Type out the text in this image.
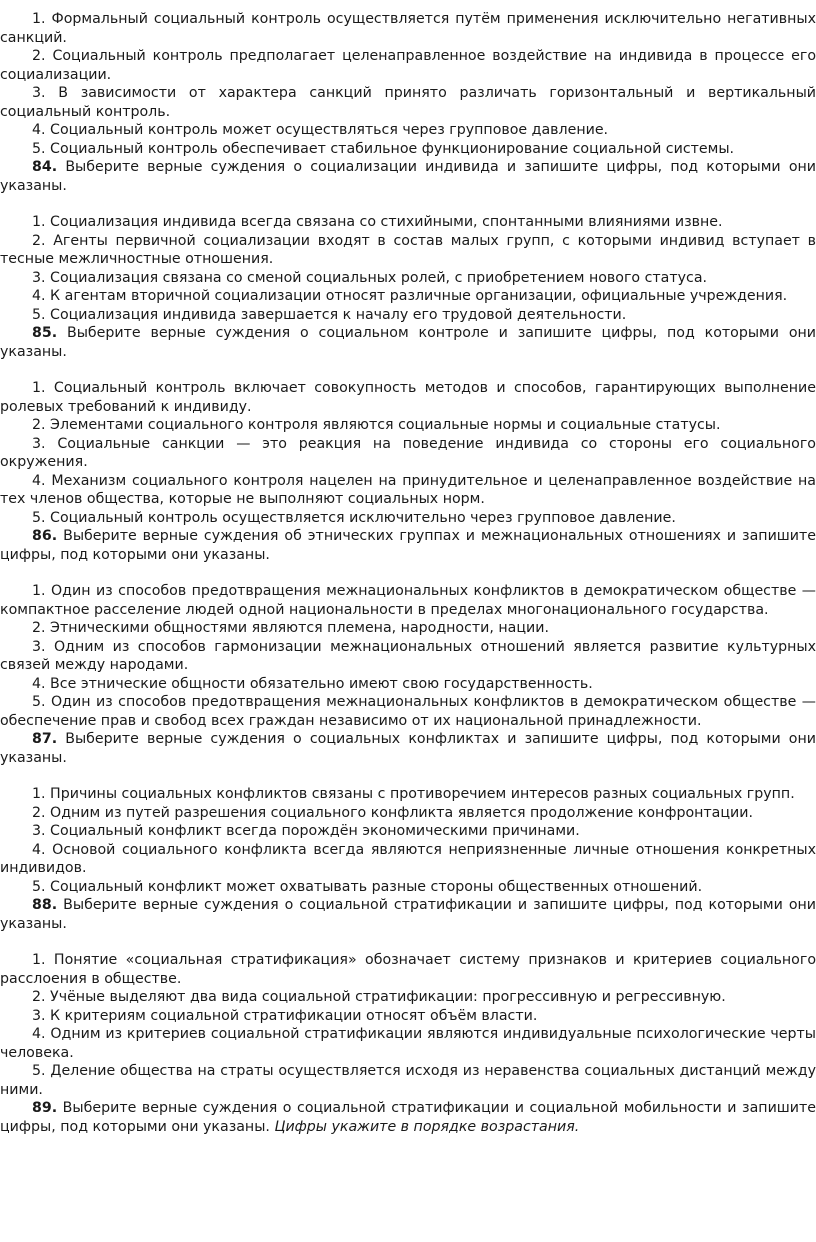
1. Формальный социальный контроль осуществляется путём применения исключительно негативных санкций.

2. Социальный контроль предполагает целенаправленное воздействие на индивида в процессе его социализации.

3. В зависимости от характера санкций принято различать горизонтальный и вертикальный социальный контроль.

4. Социальный контроль может осуществляться через групповое давление.

5. Социальный контроль обеспечивает стабильное функционирование социальной системы.

84. Выберите верные суждения о социализации индивида и запишите цифры, под которыми они указаны.

1. Социализация индивида всегда связана со стихийными, спонтанными влияниями извне.

2. Агенты первичной социализации входят в состав малых групп, с которыми индивид вступает в тесные межличностные отношения.

3. Социализация связана со сменой социальных ролей, с приобретением нового статуса.

4. К агентам вторичной социализации относят различные организации, официальные учреждения.

5. Социализация индивида завершается к началу его трудовой деятельности.

85. Выберите верные суждения о социальном контроле и запишите цифры, под которыми они указаны.

1. Социальный контроль включает совокупность методов и способов, гарантирующих выполнение ролевых требований к индивиду.

2. Элементами социального контроля являются социальные нормы и социальные статусы.

3. Социальные санкции — это реакция на поведение индивида со стороны его социального окружения.

4. Механизм социального контроля нацелен на принудительное и целенаправленное воздействие на тех членов общества, которые не выполняют социальных норм.

5. Социальный контроль осуществляется исключительно через групповое давление.

86. Выберите верные суждения об этнических группах и межнациональных отношениях и запишите цифры, под которыми они указаны.

1. Один из способов предотвращения межнациональных конфликтов в демократическом обществе — компактное расселение людей одной национальности в пределах многонационального государства.

2. Этническими общностями являются племена, народности, нации.

3. Одним из способов гармонизации межнациональных отношений является развитие культурных связей между народами.

4. Все этнические общности обязательно имеют свою государственность.

5. Один из способов предотвращения межнациональных конфликтов в демократическом обществе — обеспечение прав и свобод всех граждан независимо от их национальной принадлежности.

87. Выберите верные суждения о социальных конфликтах и запишите цифры, под которыми они указаны.

1. Причины социальных конфликтов связаны с противоречием интересов разных социальных групп.

2. Одним из путей разрешения социального конфликта является продолжение конфронтации.

3. Социальный конфликт всегда порождён экономическими причинами.

4. Основой социального конфликта всегда являются неприязненные личные отношения конкретных индивидов.

5. Социальный конфликт может охватывать разные стороны общественных отношений.

88. Выберите верные суждения о социальной стратификации и запишите цифры, под которыми они указаны.

1. Понятие «социальная стратификация» обозначает систему признаков и критериев социального расслоения в обществе.

2. Учёные выделяют два вида социальной стратификации: прогрессивную и регрессивную.

3. К критериям социальной стратификации относят объём власти.

4. Одним из критериев социальной стратификации являются индивидуальные психологические черты человека.

5. Деление общества на страты осуществляется исходя из неравенства социальных дистанций между ними.

89. Выберите верные суждения о социальной стратификации и социальной мобильности и запишите цифры, под которыми они указаны. Цифры укажите в порядке возрастания.
